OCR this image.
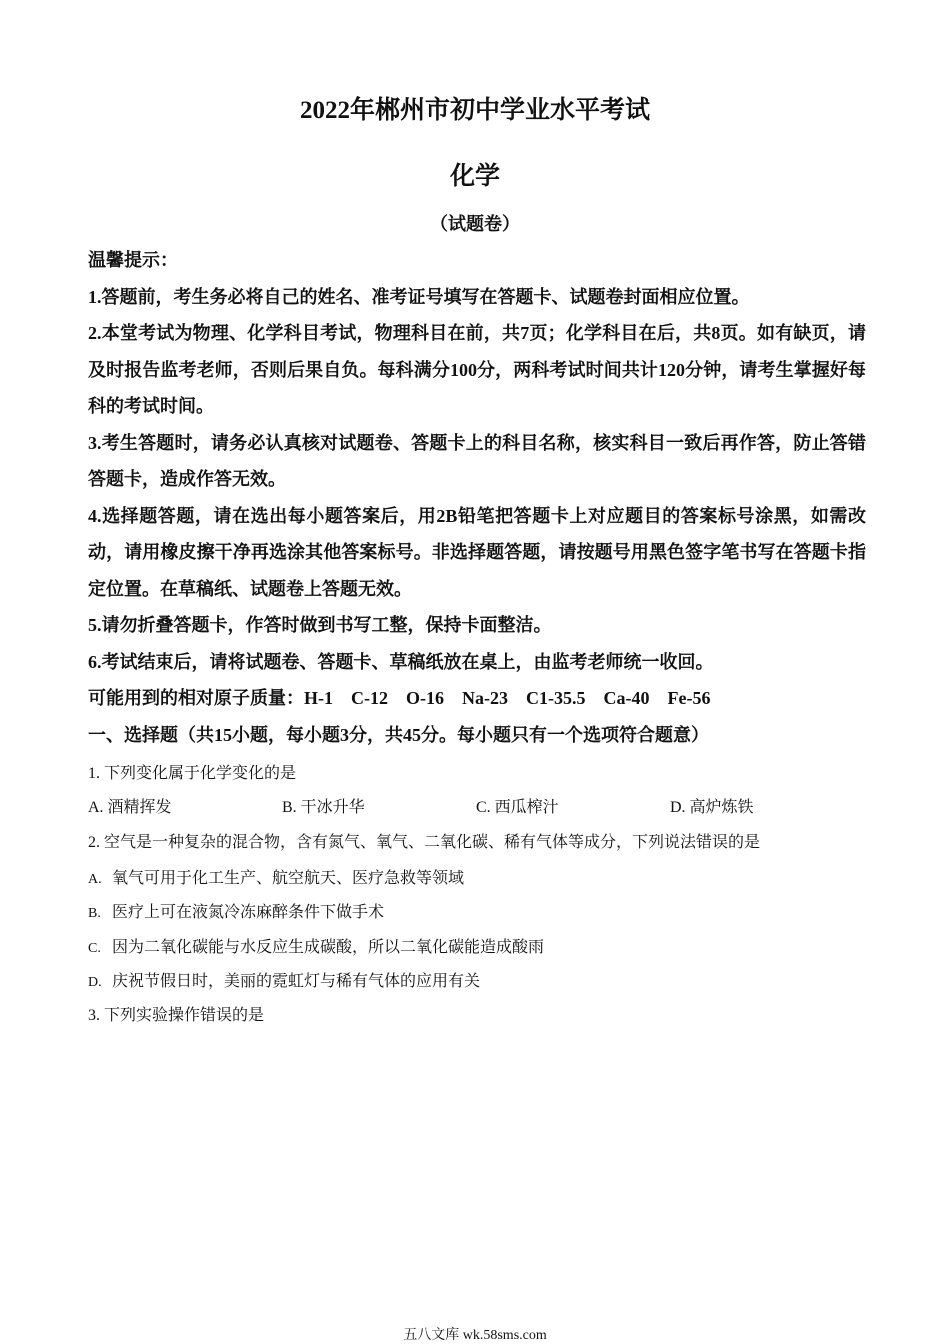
2022年郴州市初中学业水平考试
化学
（试题卷）

温馨提示：

1.答题前，考生务必将自己的姓名、准考证号填写在答题卡、试题卷封面相应位置。

2.本堂考试为物理、化学科目考试，物理科目在前，共7页；化学科目在后，共8页。如有缺页，请及时报告监考老师，否则后果自负。每科满分100分，两科考试时间共计120分钟，请考生掌握好每科的考试时间。

3.考生答题时，请务必认真核对试题卷、答题卡上的科目名称，核实科目一致后再作答，防止答错答题卡，造成作答无效。

4.选择题答题，请在选出每小题答案后，用2B铅笔把答题卡上对应题目的答案标号涂黑，如需改动，请用橡皮擦干净再选涂其他答案标号。非选择题答题，请按题号用黑色签字笔书写在答题卡指定位置。在草稿纸、试题卷上答题无效。

5.请勿折叠答题卡，作答时做到书写工整，保持卡面整洁。

6.考试结束后，请将试题卷、答题卡、草稿纸放在桌上，由监考老师统一收回。

可能用到的相对原子质量：H-1　C-12　O-16　Na-23　C1-35.5　Ca-40　Fe-56

一、选择题（共15小题，每小题3分，共45分。每小题只有一个选项符合题意）

1. 下列变化属于化学变化的是
A. 酒精挥发	B. 干冰升华	C. 西瓜榨汁	D. 高炉炼铁
2. 空气是一种复杂的混合物，含有氮气、氧气、二氧化碳、稀有气体等成分，下列说法错误的是
A. 氧气可用于化工生产、航空航天、医疗急救等领域
B. 医疗上可在液氮冷冻麻醉条件下做手术
C. 因为二氧化碳能与水反应生成碳酸，所以二氧化碳能造成酸雨
D. 庆祝节假日时，美丽的霓虹灯与稀有气体的应用有关
3. 下列实验操作错误的是
五八文库 wk.58sms.com
